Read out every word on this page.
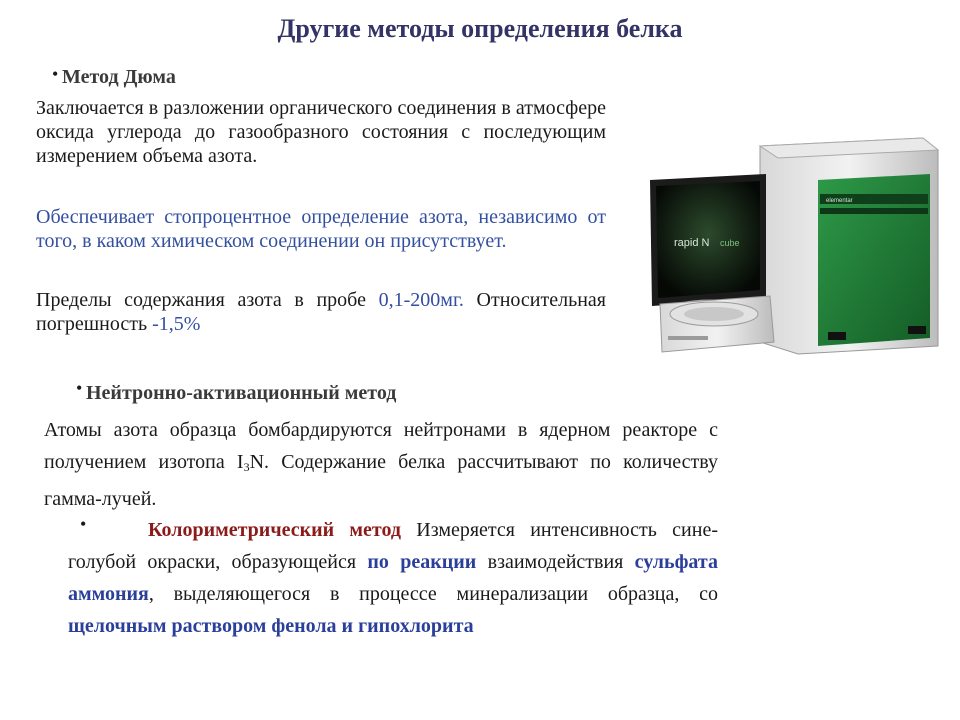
Другие методы определения белка
• Метод Дюма
Заключается в разложении органического соединения в атмосфере оксида углерода до газообразного состояния с последующим измерением объема азота.
Обеспечивает стопроцентное определение азота, независимо от того, в каком химическом соединении он присутствует.
Пределы содержания азота в пробе 0,1-200мг. Относительная погрешность -1,5%
elementar
rapid N cube
• Нейтронно-активационный метод
Атомы азота образца бомбардируются нейтронами в ядерном реакторе с получением изотопа $I_3N$. Содержание белка рассчитывают по количеству гамма-лучей.
•	Колориметрический метод Измеряется интенсивность сине-голубой окраски, образующейся по реакции взаимодействия сульфата аммония, выделяющегося в процессе минерализации образца, со щелочным раствором фенола и гипохлорита
